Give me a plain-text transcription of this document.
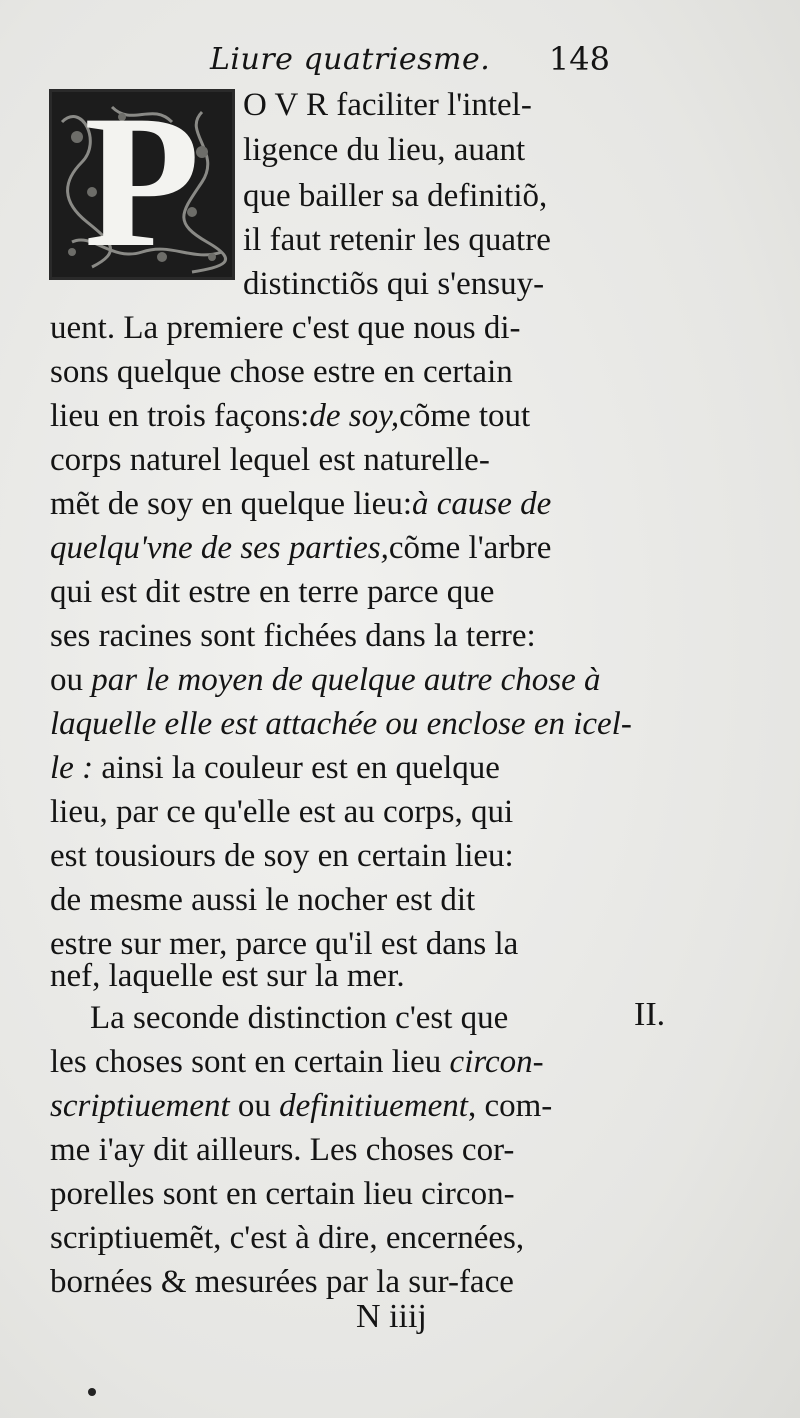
Liure quatriesme. 148
P	O V R faciliter l'intel-
ligence du lieu, auant
que bailler sa definitiõ,
il faut retenir les quatre
distinctiõs qui s'ensuy-
uent. La premiere c'est que nous di-
sons quelque chose estre en certain
lieu en trois façons:de soy,cõme tout
corps naturel lequel est naturelle-
mẽt de soy en quelque lieu:à cause de
quelqu'vne de ses parties,cõme l'arbre
qui est dit estre en terre parce que
ses racines sont fichées dans la terre:
ou par le moyen de quelque autre chose à
laquelle elle est attachée ou enclose en icel-
le : ainsi la couleur est en quelque
lieu, par ce qu'elle est au corps, qui
est tousiours de soy en certain lieu:
de mesme aussi le nocher est dit
estre sur mer, parce qu'il est dans la
nef, laquelle est sur la mer.
La seconde distinction c'est que
les choses sont en certain lieu circon-
scriptiuement ou definitiuement, com-
me i'ay dit ailleurs. Les choses cor-
porelles sont en certain lieu circon-
scriptiuemẽt, c'est à dire, encernées,
bornées & mesurées par la sur-face
II.
N iiij
